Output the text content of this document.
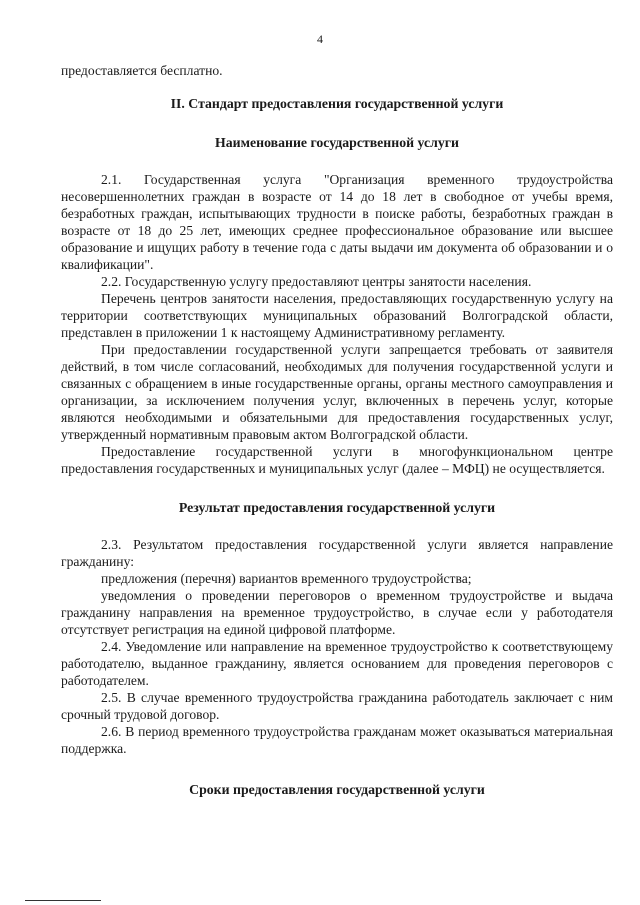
4

предоставляется бесплатно.

II. Стандарт предоставления государственной услуги
Наименование государственной услуги

2.1. Государственная услуга "Организация временного трудоустройства несовершеннолетних граждан в возрасте от 14 до 18 лет в свободное от учебы время, безработных граждан, испытывающих трудности в поиске работы, безработных граждан в возрасте от 18 до 25 лет, имеющих среднее профессиональное образование или высшее образование и ищущих работу в течение года с даты выдачи им документа об образовании и о квалификации".

2.2. Государственную услугу предоставляют центры занятости населения.

Перечень центров занятости населения, предоставляющих государственную услугу на территории соответствующих муниципальных образований Волгоградской области, представлен в приложении 1 к настоящему Административному регламенту.

При предоставлении государственной услуги запрещается требовать от заявителя действий, в том числе согласований, необходимых для получения государственной услуги и связанных с обращением в иные государственные органы, органы местного самоуправления и организации, за исключением получения услуг, включенных в перечень услуг, которые являются необходимыми и обязательными для предоставления государственных услуг, утвержденный нормативным правовым актом Волгоградской области.

Предоставление государственной услуги в многофункциональном центре предоставления государственных и муниципальных услуг (далее – МФЦ) не осуществляется.

Результат предоставления государственной услуги

2.3. Результатом предоставления государственной услуги является направление гражданину:

предложения (перечня) вариантов временного трудоустройства;

уведомления о проведении переговоров о временном трудоустройстве и выдача гражданину направления на временное трудоустройство, в случае если у работодателя отсутствует регистрация на единой цифровой платформе.

2.4. Уведомление или направление на временное трудоустройство к соответствующему работодателю, выданное гражданину, является основанием для проведения переговоров с работодателем.

2.5. В случае временного трудоустройства гражданина работодатель заключает с ним срочный трудовой договор.

2.6. В период временного трудоустройства гражданам может оказываться материальная поддержка.

Сроки предоставления государственной услуги
